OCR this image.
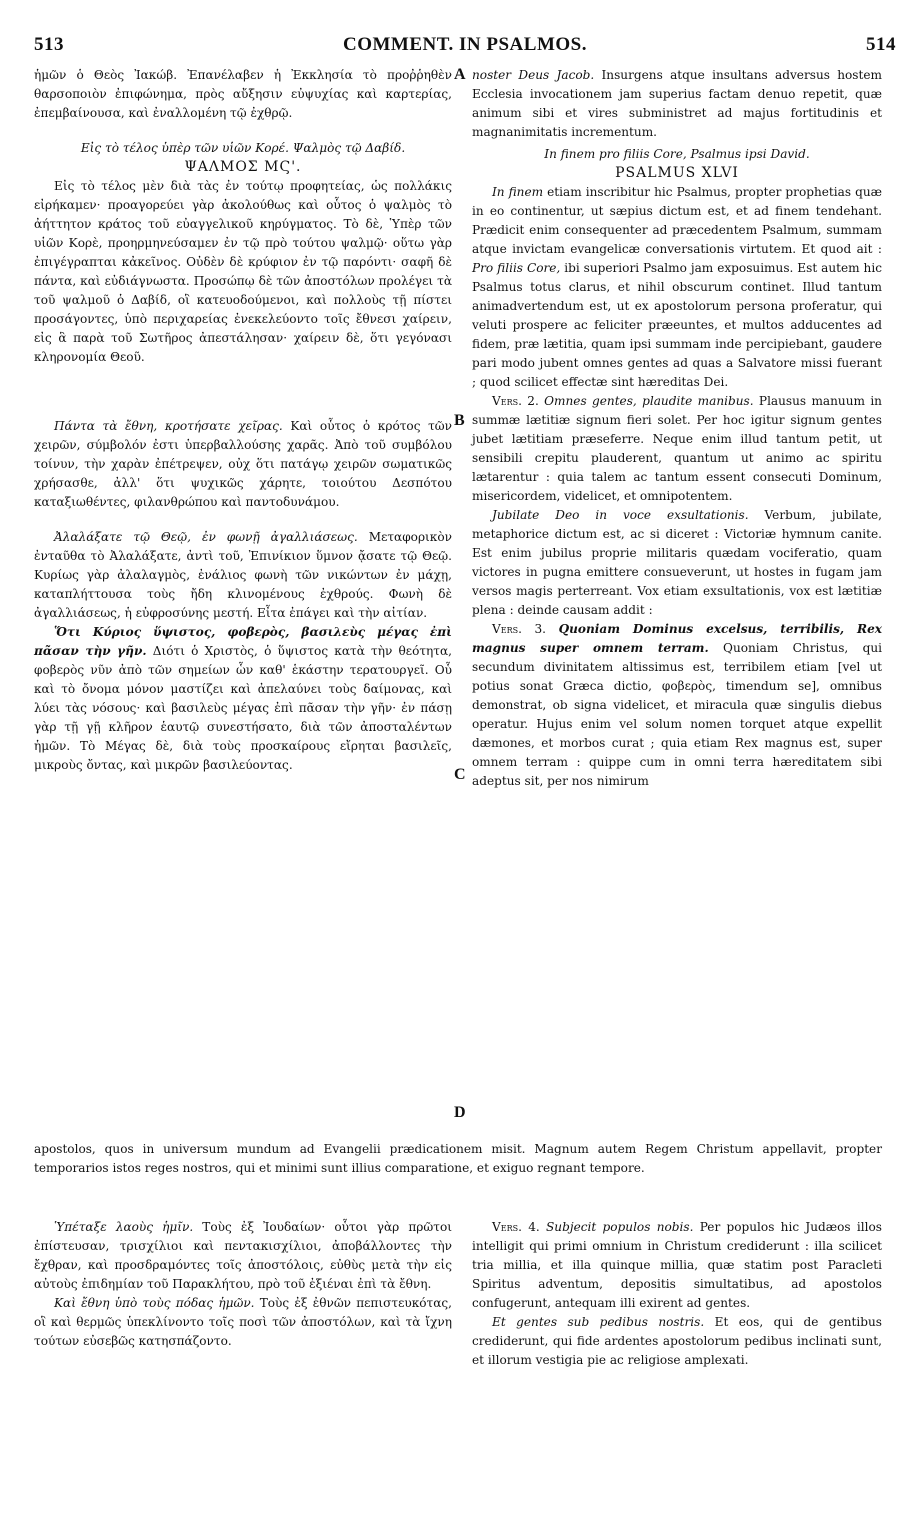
513	COMMENT. IN PSALMOS.	514
A
B
C
D

ἡμῶν ὁ Θεὸς Ἰακώβ. Ἐπανέλαβεν ἡ Ἐκκλησία τὸ προῤῥηθὲν θαρσοποιὸν ἐπιφώνημα, πρὸς αὔξησιν εὐψυχίας καὶ καρτερίας, ἐπεμβαίνουσα, καὶ ἐναλλομένη τῷ ἐχθρῷ.

Εἰς τὸ τέλος ὑπὲρ τῶν υἱῶν Κορέ. Ψαλμὸς τῷ Δαβίδ.

ΨΑΛΜΟΣ ΜϚ'.

Εἰς τὸ τέλος μὲν διὰ τὰς ἐν τούτῳ προφητείας, ὡς πολλάκις εἰρήκαμεν· προαγορεύει γὰρ ἀκολούθως καὶ οὗτος ὁ ψαλμὸς τὸ ἀήττητον κράτος τοῦ εὐαγγελικοῦ κηρύγματος. Τὸ δὲ, Ὑπὲρ τῶν υἱῶν Κορὲ, προηρμηνεύσαμεν ἐν τῷ πρὸ τούτου ψαλμῷ· οὕτω γὰρ ἐπιγέγραπται κἀκεῖνος. Οὐδὲν δὲ κρύφιον ἐν τῷ παρόντι· σαφῆ δὲ πάντα, καὶ εὐδιάγνωστα. Προσώπῳ δὲ τῶν ἀποστόλων προλέγει τὰ τοῦ ψαλμοῦ ὁ Δαβίδ, οἳ κατευοδούμενοι, καὶ πολλοὺς τῇ πίστει προσάγοντες, ὑπὸ περιχαρείας ἐνεκελεύοντο τοῖς ἔθνεσι χαίρειν, εἰς ἃ παρὰ τοῦ Σωτῆρος ἀπεστάλησαν· χαίρειν δὲ, ὅτι γεγόνασι κληρονομία Θεοῦ.

Πάντα τὰ ἔθνη, κροτήσατε χεῖρας. Καὶ οὗτος ὁ κρότος τῶν χειρῶν, σύμβολόν ἐστι ὑπερβαλλούσης χαρᾶς. Ἀπὸ τοῦ συμβόλου τοίνυν, τὴν χαρὰν ἐπέτρεψεν, οὐχ ὅτι πατάγῳ χειρῶν σωματικῶς χρήσασθε, ἀλλ' ὅτι ψυχικῶς χάρητε, τοιούτου Δεσπότου καταξιωθέντες, φιλανθρώπου καὶ παντοδυνάμου.

Ἀλαλάξατε τῷ Θεῷ, ἐν φωνῇ ἀγαλλιάσεως. Μεταφορικὸν ἐνταῦθα τὸ Ἀλαλάξατε, ἀντὶ τοῦ, Ἐπινίκιον ὕμνον ᾄσατε τῷ Θεῷ. Κυρίως γὰρ ἀλαλαγμὸς, ἐνάλιος φωνὴ τῶν νικώντων ἐν μάχῃ, καταπλήττουσα τοὺς ἤδη κλινομένους ἐχθρούς. Φωνὴ δὲ ἀγαλλιάσεως, ἡ εὐφροσύνης μεστή. Εἶτα ἐπάγει καὶ τὴν αἰτίαν.

Ὅτι Κύριος ὕψιστος, φοβερὸς, βασιλεὺς μέγας ἐπὶ πᾶσαν τὴν γῆν. Διότι ὁ Χριστὸς, ὁ ὕψιστος κατὰ τὴν θεότητα, φοβερὸς νῦν ἀπὸ τῶν σημείων ὧν καθ' ἑκάστην τερατουργεῖ. Οὗ καὶ τὸ ὄνομα μόνον μαστίζει καὶ ἀπελαύνει τοὺς δαίμονας, καὶ λύει τὰς νόσους· καὶ βασιλεὺς μέγας ἐπὶ πᾶσαν τὴν γῆν· ἐν πάσῃ γὰρ τῇ γῇ κλῆρον ἑαυτῷ συνεστήσατο, διὰ τῶν ἀποσταλέντων ἡμῶν. Τὸ Μέγας δὲ, διὰ τοὺς προσκαίρους εἴρηται βασιλεῖς, μικροὺς ὄντας, καὶ μικρῶν βασιλεύοντας.

noster Deus Jacob. Insurgens atque insultans adversus hostem Ecclesia invocationem jam superius factam denuo repetit, quæ animum sibi et vires subministret ad majus fortitudinis et magnanimitatis incrementum.

In finem pro filiis Core, Psalmus ipsi David.

PSALMUS XLVI

In finem etiam inscribitur hic Psalmus, propter prophetias quæ in eo continentur, ut sæpius dictum est, et ad finem tendehant. Prædicit enim consequenter ad præcedentem Psalmum, summam atque invictam evangelicæ conversationis virtutem. Et quod ait : Pro filiis Core, ibi superiori Psalmo jam exposuimus. Est autem hic Psalmus totus clarus, et nihil obscurum continet. Illud tantum animadvertendum est, ut ex apostolorum persona proferatur, qui veluti prospere ac feliciter præeuntes, et multos adducentes ad fidem, præ lætitia, quam ipsi summam inde percipiebant, gaudere pari modo jubent omnes gentes ad quas a Salvatore missi fuerant ; quod scilicet effectæ sint hæreditas Dei.

Vers. 2. Omnes gentes, plaudite manibus. Plausus manuum in summæ lætitiæ signum fieri solet. Per hoc igitur signum gentes jubet lætitiam præseferre. Neque enim illud tantum petit, ut sensibili crepitu plauderent, quantum ut animo ac spiritu lætarentur : quia talem ac tantum essent consecuti Dominum, misericordem, videlicet, et omnipotentem.

Jubilate Deo in voce exsultationis. Verbum, jubilate, metaphorice dictum est, ac si diceret : Victoriæ hymnum canite. Est enim jubilus proprie militaris quædam vociferatio, quam victores in pugna emittere consueverunt, ut hostes in fugam jam versos magis perterreant. Vox etiam exsultationis, vox est lætitiæ plena : deinde causam addit :

Vers. 3. Quoniam Dominus excelsus, terribilis, Rex magnus super omnem terram. Quoniam Christus, qui secundum divinitatem altissimus est, terribilem etiam [vel ut potius sonat Græca dictio, φοβερὸς, timendum se], omnibus demonstrat, ob signa videlicet, et miracula quæ singulis diebus operatur. Hujus enim vel solum nomen torquet atque expellit dæmones, et morbos curat ; quia etiam Rex magnus est, super omnem terram : quippe cum in omni terra hæreditatem sibi adeptus sit, per nos nimirum

apostolos, quos in universum mundum ad Evangelii prædicationem misit. Magnum autem Regem Christum appellavit, propter temporarios istos reges nostros, qui et minimi sunt illius comparatione, et exiguo regnant tempore.

Ὑπέταξε λαοὺς ἡμῖν. Τοὺς ἐξ Ἰουδαίων· οὗτοι γὰρ πρῶτοι ἐπίστευσαν, τρισχίλιοι καὶ πεντακισχίλιοι, ἀποβάλλοντες τὴν ἔχθραν, καὶ προσδραμόντες τοῖς ἀποστόλοις, εὐθὺς μετὰ τὴν εἰς αὐτοὺς ἐπιδημίαν τοῦ Παρακλήτου, πρὸ τοῦ ἐξιέναι ἐπὶ τὰ ἔθνη.

Καὶ ἔθνη ὑπὸ τοὺς πόδας ἡμῶν. Τοὺς ἐξ ἐθνῶν πεπιστευκότας, οἳ καὶ θερμῶς ὑπεκλίνοντο τοῖς ποσὶ τῶν ἀποστόλων, καὶ τὰ ἴχνη τούτων εὐσεβῶς κατησπάζοντο.

Vers. 4. Subjecit populos nobis. Per populos hic Judæos illos intelligit qui primi omnium in Christum crediderunt : illa scilicet tria millia, et illa quinque millia, quæ statim post Paracleti Spiritus adventum, depositis simultatibus, ad apostolos confugerunt, antequam illi exirent ad gentes.

Et gentes sub pedibus nostris. Et eos, qui de gentibus crediderunt, qui fide ardentes apostolorum pedibus inclinati sunt, et illorum vestigia pie ac religiose amplexati.
